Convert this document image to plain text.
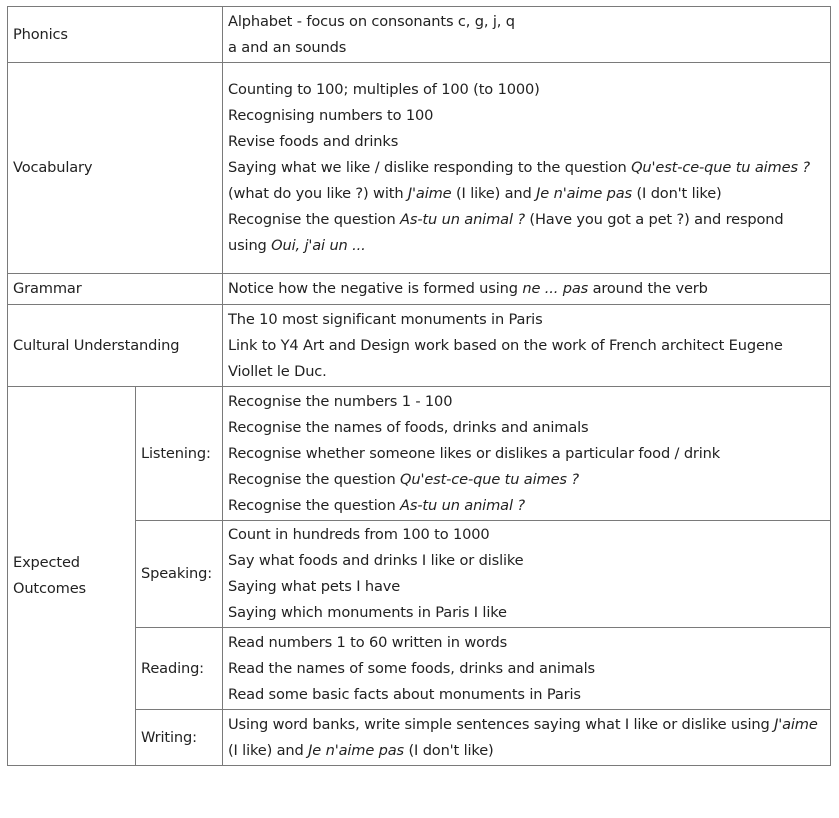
Phonics		Alphabet - focus on consonants c, g, j, q
a and an sounds

Vocabulary		Counting to 100; multiples of 100 (to 1000)
Recognising numbers to 100
Revise foods and drinks
Saying what we like / dislike responding to the question Qu'est-ce-que tu aimes ? (what do you like ?) with J'aime (I like) and Je n'aime pas (I don't like)
Recognise the question As-tu un animal ? (Have you got a pet ?) and respond using Oui, j'ai un ...

Grammar		Notice how the negative is formed using ne ... pas around the verb

Cultural Understanding		The 10 most significant monuments in Paris
Link to Y4 Art and Design work based on the work of French architect Eugene Viollet le Duc.

Expected Outcomes	Listening:	Recognise the numbers 1 - 100
Recognise the names of foods, drinks and animals
Recognise whether someone likes or dislikes a particular food / drink
Recognise the question Qu'est-ce-que tu aimes ?
Recognise the question As-tu un animal ?

	Speaking:	Count in hundreds from 100 to 1000
Say what foods and drinks I like or dislike
Saying what pets I have
Saying which monuments in Paris I like

	Reading:	Read numbers 1 to 60 written in words
Read the names of some foods, drinks and animals
Read some basic facts about monuments in Paris

	Writing:	Using word banks, write simple sentences saying what I like or dislike using J'aime (I like) and Je n'aime pas (I don't like)
